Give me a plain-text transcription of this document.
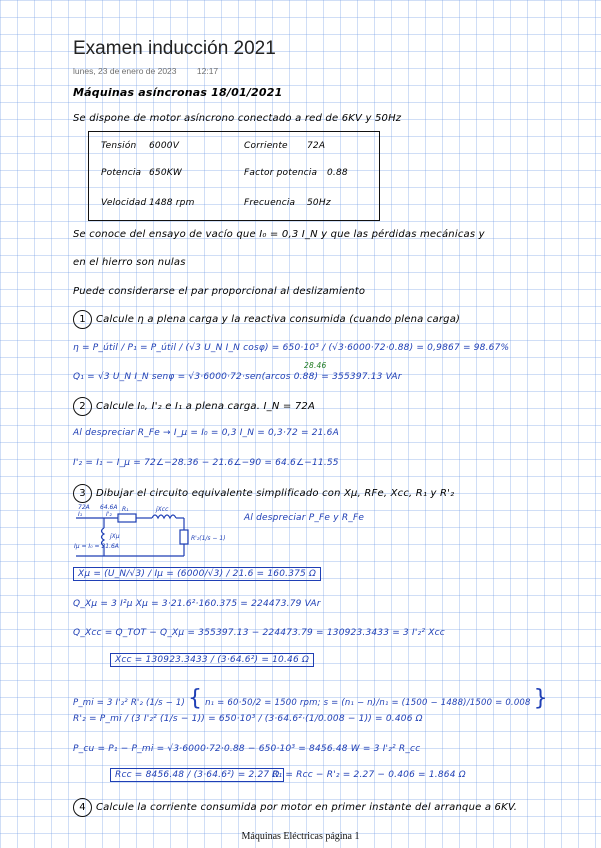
Examen inducción 2021
lunes, 23 de enero de 2023 12:17
Máquinas asíncronas 18/01/2021
Se dispone de motor asíncrono conectado a red de 6KV y 50Hz
Tensión 6000V	Corriente 72A
Potencia 650KW	Factor potencia 0.88
Velocidad 1488 rpm	Frecuencia 50Hz
Se conoce del ensayo de vacío que I₀ = 0,3 I_N y que las pérdidas mecánicas y
en el hierro son nulas
Puede considerarse el par proporcional al deslizamiento
1 Calcule η a plena carga y la reactiva consumida (cuando plena carga)
η = P_útil / P₁ = P_útil / (√3 U_N I_N cosφ) = 650·10³ / (√3·6000·72·0.88) = 0,9867 = 98.67%
28.46
Q₁ = √3 U_N I_N senφ = √3·6000·72·sen(arcos 0.88) = 355397.13 VAr
2 Calcule I₀, I'₂ e I₁ a plena carga. I_N = 72A
Al despreciar R_Fe → I_μ = I₀ = 0,3 I_N = 0,3·72 = 21.6A
I'₂ = I₁ − I_μ = 72∠−28.36 − 21.6∠−90 = 64.6∠−11.55
3 Dibujar el circuito equivalente simplificado con Xμ, RFe, Xcc, R₁ y R'₂
72A 64.6A
I₁	I'₂
R₁	jXcc
R'₂(1/s − 1)
jXμ
Iμ = I₀ = 21.6A
Al despreciar P_Fe y R_Fe
Xμ = (U_N/√3) / Iμ = (6000/√3) / 21.6 = 160.375 Ω
Q_Xμ = 3 I²μ Xμ = 3·21.6²·160.375 = 224473.79 VAr
Q_Xcc = Q_TOT − Q_Xμ = 355397.13 − 224473.79 = 130923.3433 = 3 I'₂² Xcc
Xcc = 130923.3433 / (3·64.6²) = 10.46 Ω
P_mi = 3 I'₂² R'₂ (1/s − 1) { n₁ = 60·50/2 = 1500 rpm; s = (n₁ − n)/n₁ = (1500 − 1488)/1500 = 0.008 }
R'₂ = P_mi / (3 I'₂² (1/s − 1)) = 650·10³ / (3·64.6²·(1/0.008 − 1)) = 0.406 Ω
P_cu = P₁ − P_mi = √3·6000·72·0.88 − 650·10³ = 8456.48 W = 3 I'₂² R_cc
Rcc = 8456.48 / (3·64.6²) = 2.27 Ω
R₁ = Rcc − R'₂ = 2.27 − 0.406 = 1.864 Ω
4 Calcule la corriente consumida por motor en primer instante del arranque a 6KV.
Máquinas Eléctricas página 1
